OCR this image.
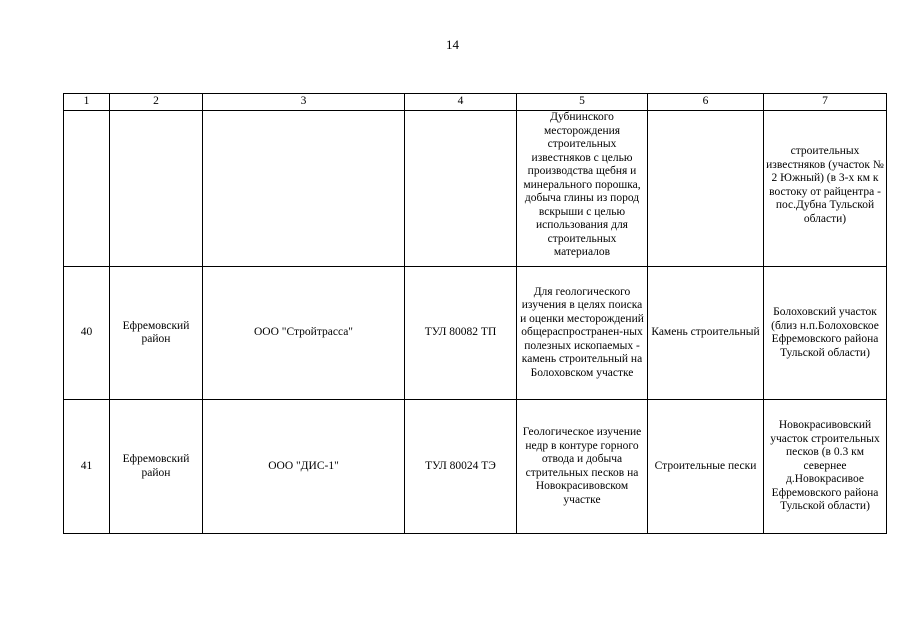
14
1	2	3	4	5	6	7

				Дубнинского месторождения строительных известняков с целью производства щебня и минерального порошка, добыча глины из пород вскрыши с целью использования для строительных материалов		строительных известняков (участок № 2 Южный) (в 3-х км к востоку от райцентра - пос.Дубна Тульской области)

40	Ефремовский район	ООО "Стройтрасса"	ТУЛ 80082 ТП	Для геологического изучения в целях поиска и оценки месторождений общераспространен-ных полезных ископаемых - камень строительный на Болоховском участке	Камень строительный	Болоховский участок (близ н.п.Болоховское Ефремовского района Тульской области)
41	Ефремовский район	ООО "ДИС-1"	ТУЛ 80024 ТЭ	Геологическое изучение недр в контуре горного отвода и добыча стрительных песков на Новокрасивовском участке	Строительные пески	Новокрасивовский участок строительных песков (в 0.3 км севернее д.Новокрасивое Ефремовского района Тульской области)
